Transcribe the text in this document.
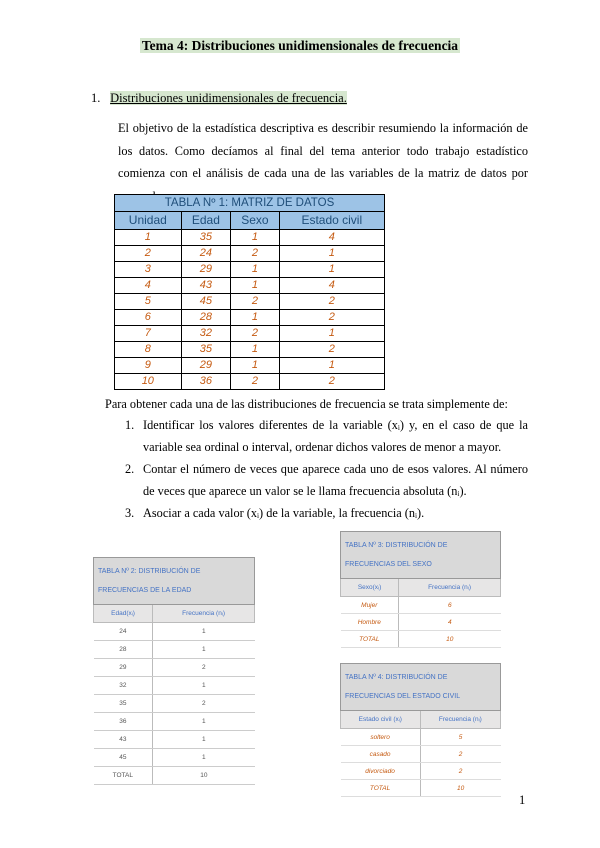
Tema 4: Distribuciones unidimensionales de frecuencia
1. Distribuciones unidimensionales de frecuencia.
El objetivo de la estadística descriptiva es describir resumiendo la información de los datos. Como decíamos al final del tema anterior todo trabajo estadístico comienza con el análisis de cada una de las variables de la matriz de datos por
TABLA Nº 1: MATRIZ DE DATOS			
Unidad	Edad	Sexo	Estado civil
1	35	1	4
2	24	2	1
3	29	1	1
4	43	1	4
5	45	2	2
6	28	1	2
7	32	2	1
8	35	1	2
9	29	1	1
10	36	2	2
Para obtener cada una de las distribuciones de frecuencia se trata simplemente de:
1. Identificar los valores diferentes de la variable (xᵢ) y, en el caso de que la variable sea ordinal o interval, ordenar dichos valores de menor a mayor.
2. Contar el número de veces que aparece cada uno de esos valores. Al número de veces que aparece un valor se le llama frecuencia absoluta (nᵢ).
3. Asociar a cada valor (xᵢ) de la variable, la frecuencia (nᵢ).
TABLA Nº 2: DISTRIBUCIÓN DE FRECUENCIAS DE LA EDAD	
Edad(xᵢ)	Frecuencia (nᵢ)
24	1
28	1
29	2
32	1
35	2
36	1
43	1
45	1
TOTAL	10
TABLA Nº 3: DISTRIBUCIÓN DE FRECUENCIAS DEL SEXO	
Sexo(xᵢ)	Frecuencia (nᵢ)
Mujer	6
Hombre	4
TOTAL	10
TABLA Nº 4: DISTRIBUCIÓN DE FRECUENCIAS DEL ESTADO CIVIL	
Estado civil (xᵢ)	Frecuencia (nᵢ)
soltero	5
casado	2
divorciado	2
TOTAL	10
1
